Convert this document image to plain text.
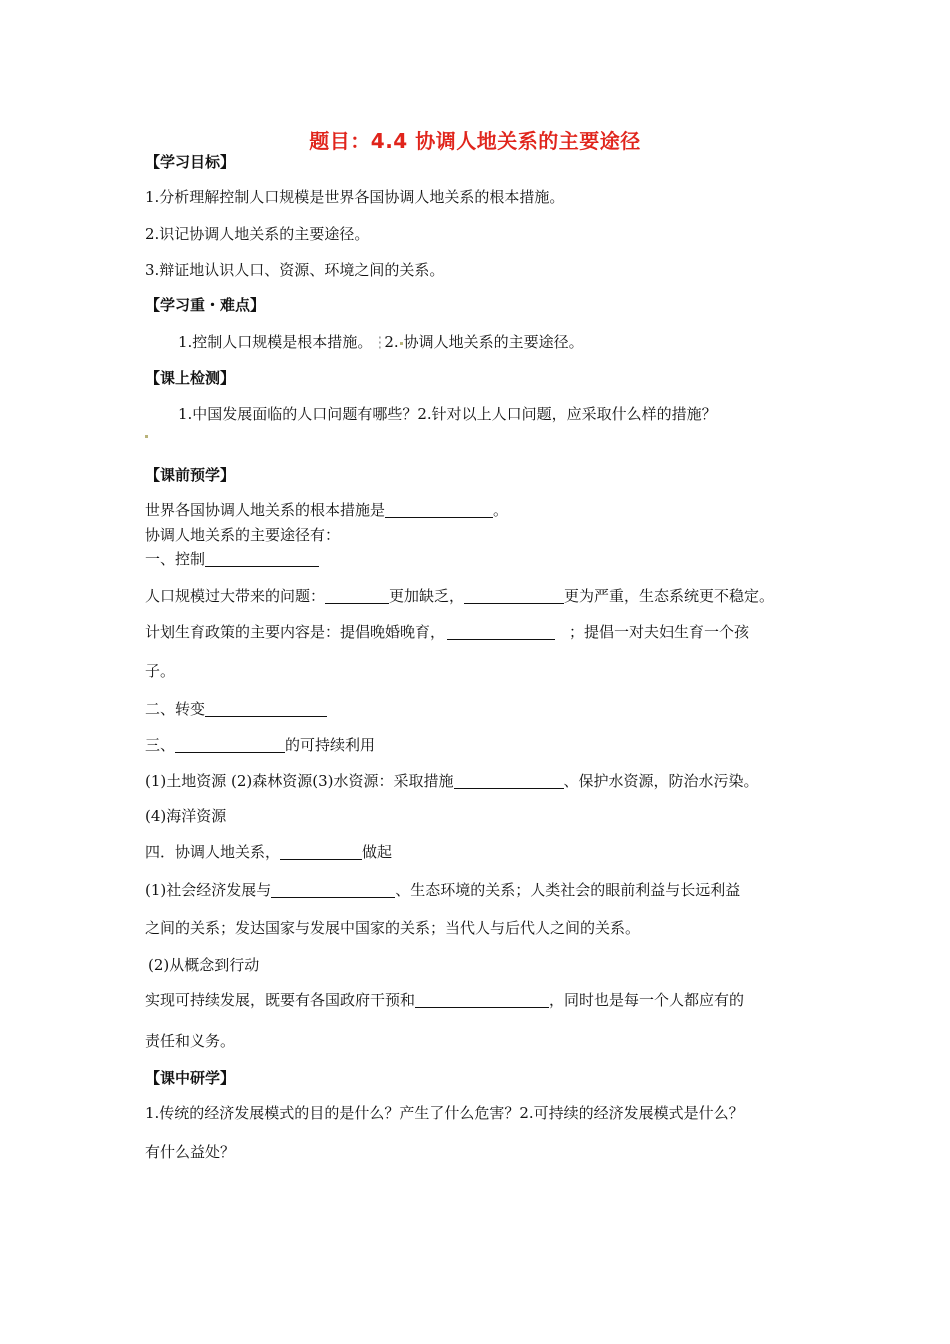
题目：4.4 协调人地关系的主要途径
【学习目标】
1.分析理解控制人口规模是世界各国协调人地关系的根本措施。
2.识记协调人地关系的主要途径。
3.辩证地认识人口、资源、环境之间的关系。
【学习重・难点】
1.控制人口规模是根本措施。⋮2. 协调人地关系的主要途径。
【课上检测】
1.中国发展面临的人口问题有哪些？2.针对以上人口问题，应采取什么样的措施？
【课前预学】
世界各国协调人地关系的根本措施是	。
协调人地关系的主要途径有：
一、控制
人口规模过大带来的问题：	更加缺乏，	更为严重，生态系统更不稳定。
计划生育政策的主要内容是：提倡晚婚晚育，	；提倡一对夫妇生育一个孩
子。
二、转变
三、	的可持续利用
(1)土地资源 (2)森林资源(3)水资源：采取措施	、保护水资源，防治水污染。
(4)海洋资源
四．协调人地关系，	做起
(1)社会经济发展与	、生态环境的关系；人类社会的眼前利益与长远利益
之间的关系；发达国家与发展中国家的关系；当代人与后代人之间的关系。
(2)从概念到行动
实现可持续发展，既要有各国政府干预和	，同时也是每一个人都应有的
责任和义务。
【课中研学】
1.传统的经济发展模式的目的是什么？产生了什么危害？2.可持续的经济发展模式是什么？
有什么益处？
